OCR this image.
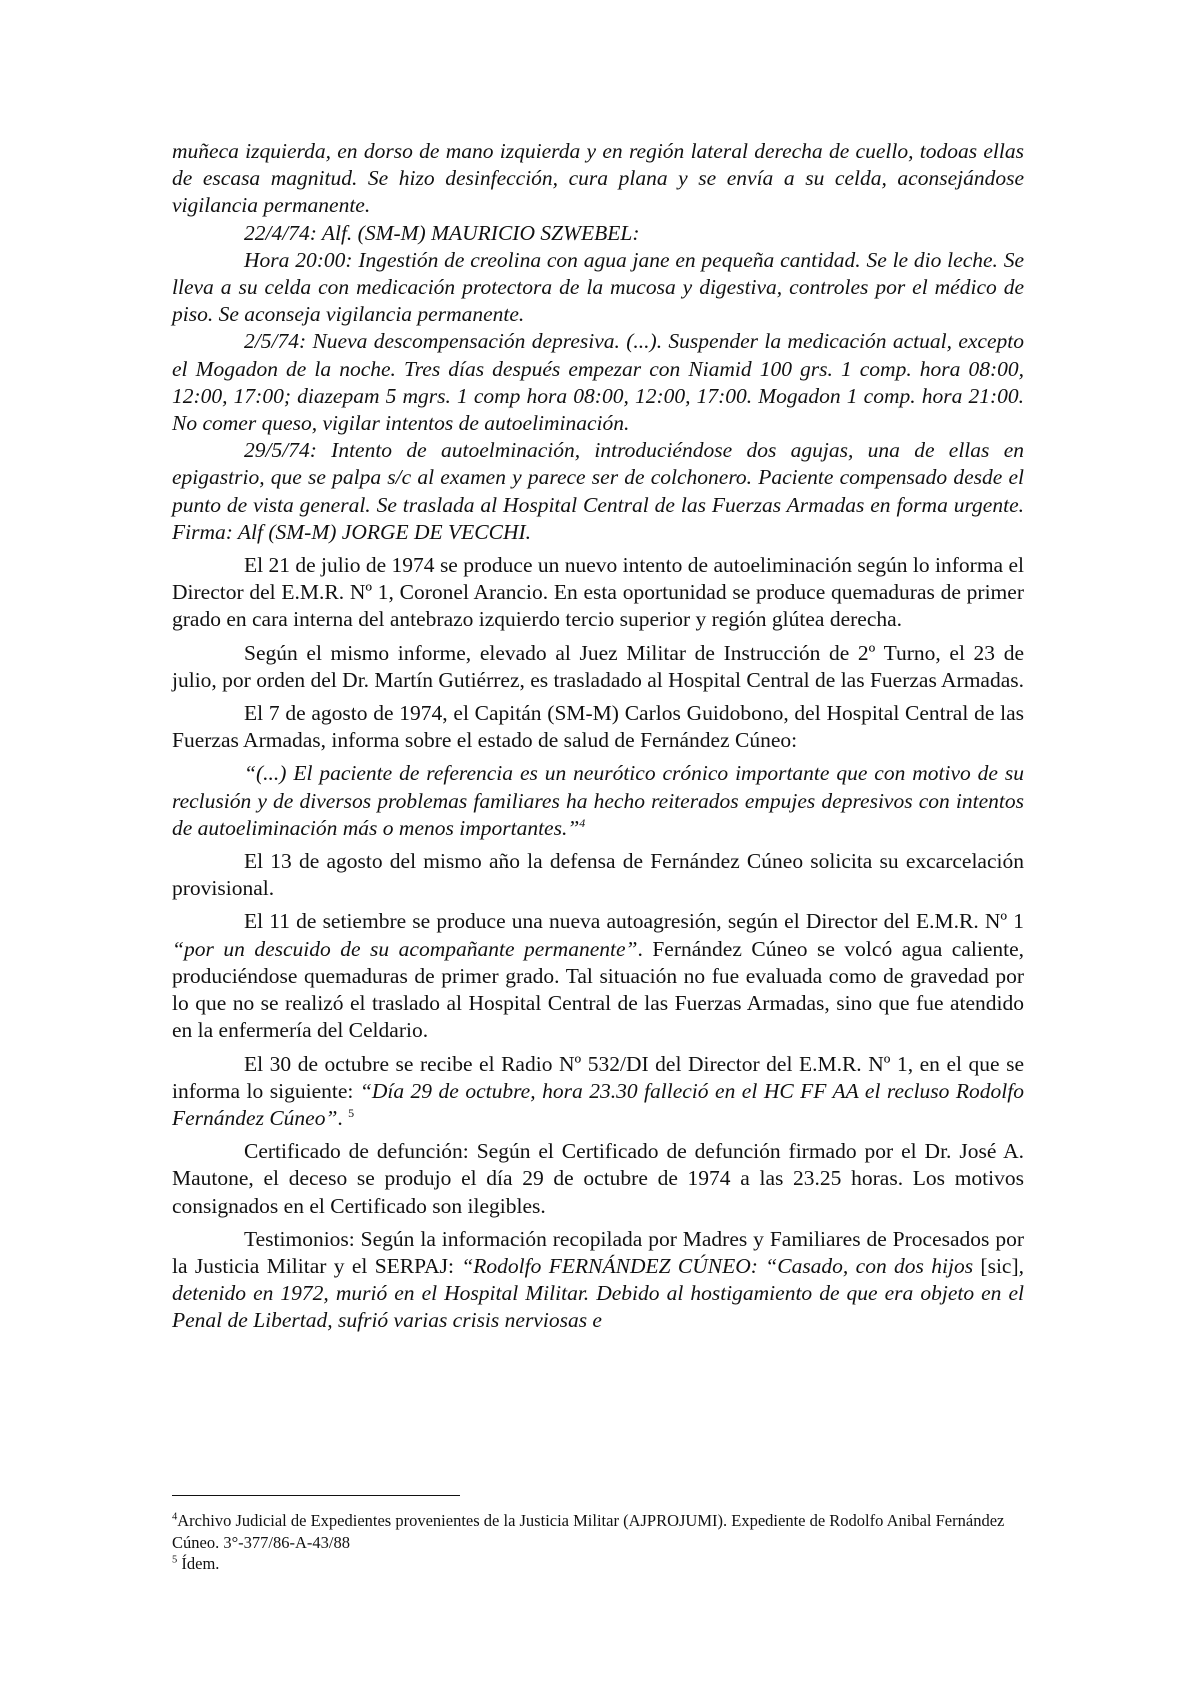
muñeca izquierda, en dorso de mano izquierda y en región lateral derecha de cuello, todoas ellas de escasa magnitud. Se hizo desinfección, cura plana y se envía a su celda, aconsejándose vigilancia permanente.

22/4/74: Alf. (SM-M) MAURICIO SZWEBEL:

Hora 20:00: Ingestión de creolina con agua jane en pequeña cantidad. Se le dio leche. Se lleva a su celda con medicación protectora de la mucosa y digestiva, controles por el médico de piso. Se aconseja vigilancia permanente.

2/5/74: Nueva descompensación depresiva. (...). Suspender la medicación actual, excepto el Mogadon de la noche. Tres días después empezar con Niamid 100 grs. 1 comp. hora 08:00, 12:00, 17:00; diazepam 5 mgrs. 1 comp hora 08:00, 12:00, 17:00. Mogadon 1 comp. hora 21:00. No comer queso, vigilar intentos de autoeliminación.

29/5/74: Intento de autoelminación, introduciéndose dos agujas, una de ellas en epigastrio, que se palpa s/c al examen y parece ser de colchonero. Paciente compensado desde el punto de vista general. Se traslada al Hospital Central de las Fuerzas Armadas en forma urgente. Firma: Alf (SM-M) JORGE DE VECCHI.

El 21 de julio de 1974 se produce un nuevo intento de autoeliminación según lo informa el Director del E.M.R. Nº 1, Coronel Arancio. En esta oportunidad se produce quemaduras de primer grado en cara interna del antebrazo izquierdo tercio superior y región glútea derecha.

Según el mismo informe, elevado al Juez Militar de Instrucción de 2º Turno, el 23 de julio, por orden del Dr. Martín Gutiérrez, es trasladado al Hospital Central de las Fuerzas Armadas.

El 7 de agosto de 1974, el Capitán (SM-M) Carlos Guidobono, del Hospital Central de las Fuerzas Armadas, informa sobre el estado de salud de Fernández Cúneo:

“(...) El paciente de referencia es un neurótico crónico importante que con motivo de su reclusión y de diversos problemas familiares ha hecho reiterados empujes depresivos con intentos de autoeliminación más o menos importantes.”$^4$

El 13 de agosto del mismo año la defensa de Fernández Cúneo solicita su excarcelación provisional.

El 11 de setiembre se produce una nueva autoagresión, según el Director del E.M.R. Nº 1 “por un descuido de su acompañante permanente”. Fernández Cúneo se volcó agua caliente, produciéndose quemaduras de primer grado. Tal situación no fue evaluada como de gravedad por lo que no se realizó el traslado al Hospital Central de las Fuerzas Armadas, sino que fue atendido en la enfermería del Celdario.

El 30 de octubre se recibe el Radio Nº 532/DI del Director del E.M.R. Nº 1, en el que se informa lo siguiente: “Día 29 de octubre, hora 23.30 falleció en el HC FF AA el recluso Rodolfo Fernández Cúneo”. $^5$

Certificado de defunción: Según el Certificado de defunción firmado por el Dr. José A. Mautone, el deceso se produjo el día 29 de octubre de 1974 a las 23.25 horas. Los motivos consignados en el Certificado son ilegibles.

Testimonios: Según la información recopilada por Madres y Familiares de Procesados por la Justicia Militar y el SERPAJ: “Rodolfo FERNÁNDEZ CÚNEO: “Casado, con dos hijos [sic], detenido en 1972, murió en el Hospital Militar. Debido al hostigamiento de que era objeto en el Penal de Libertad, sufrió varias crisis nerviosas e

$^4$Archivo Judicial de Expedientes provenientes de la Justicia Militar (AJPROJUMI). Expediente de Rodolfo Anibal Fernández Cúneo. 3°-377/86-A-43/88

$^5$ Ídem.
